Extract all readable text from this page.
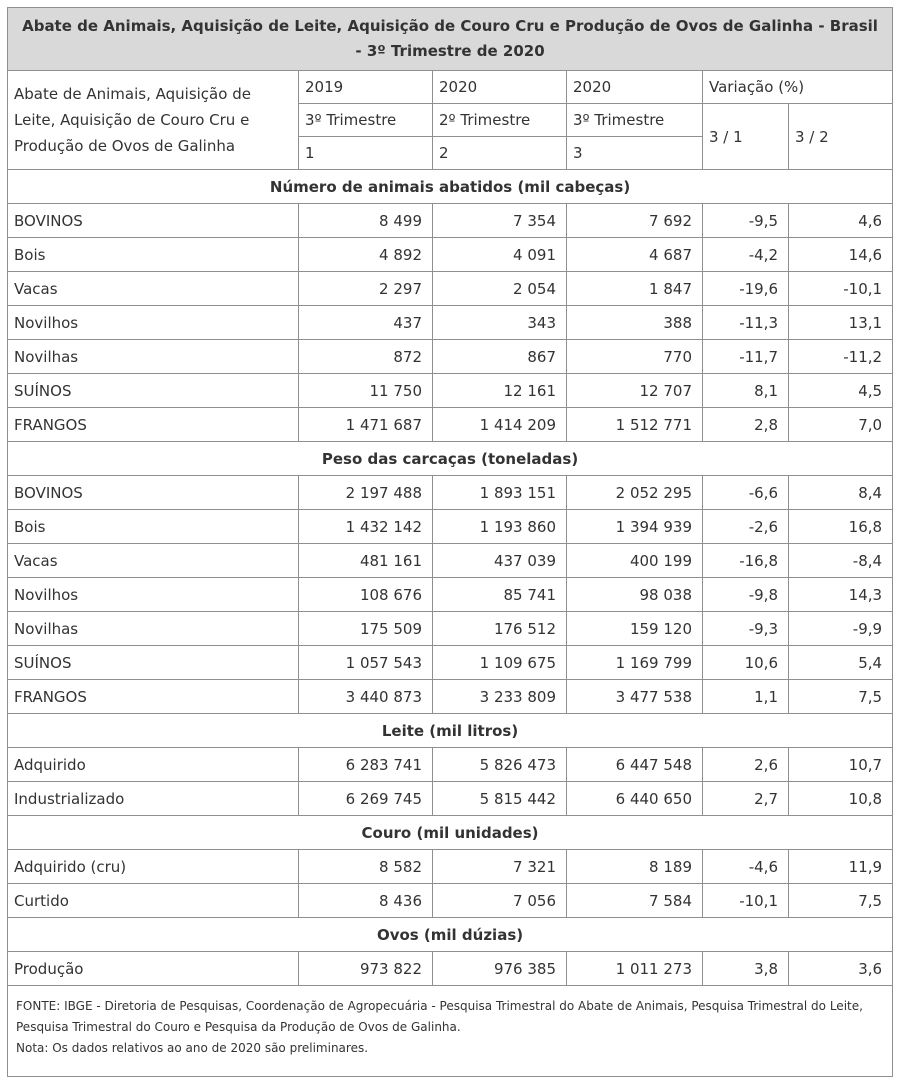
Abate de Animais, Aquisição de Leite, Aquisição de Couro Cru e Produção de Ovos de Galinha - Brasil - 3º Trimestre de 2020					
Abate de Animais, Aquisição de Leite, Aquisição de Couro Cru e Produção de Ovos de Galinha	2019	2020	2020	Variação (%)	
	3º Trimestre	2º Trimestre	3º Trimestre	3 / 1	3 / 2
	1	2	3		
Número de animais abatidos (mil cabeças)					
BOVINOS	8 499	7 354	7 692	-9,5	4,6
Bois	4 892	4 091	4 687	-4,2	14,6
Vacas	2 297	2 054	1 847	-19,6	-10,1
Novilhos	437	343	388	-11,3	13,1
Novilhas	872	867	770	-11,7	-11,2
SUÍNOS	11 750	12 161	12 707	8,1	4,5
FRANGOS	1 471 687	1 414 209	1 512 771	2,8	7,0
Peso das carcaças (toneladas)					
BOVINOS	2 197 488	1 893 151	2 052 295	-6,6	8,4
Bois	1 432 142	1 193 860	1 394 939	-2,6	16,8
Vacas	481 161	437 039	400 199	-16,8	-8,4
Novilhos	108 676	85 741	98 038	-9,8	14,3
Novilhas	175 509	176 512	159 120	-9,3	-9,9
SUÍNOS	1 057 543	1 109 675	1 169 799	10,6	5,4
FRANGOS	3 440 873	3 233 809	3 477 538	1,1	7,5
Leite (mil litros)					
Adquirido	6 283 741	5 826 473	6 447 548	2,6	10,7
Industrializado	6 269 745	5 815 442	6 440 650	2,7	10,8
Couro (mil unidades)					
Adquirido (cru)	8 582	7 321	8 189	-4,6	11,9
Curtido	8 436	7 056	7 584	-10,1	7,5
Ovos (mil dúzias)					
Produção	973 822	976 385	1 011 273	3,8	3,6

FONTE: IBGE - Diretoria de Pesquisas, Coordenação de Agropecuária - Pesquisa Trimestral do Abate de Animais, Pesquisa Trimestral do Leite, Pesquisa Trimestral do Couro e Pesquisa da Produção de Ovos de Galinha.
Nota: Os dados relativos ao ano de 2020 são preliminares.					
